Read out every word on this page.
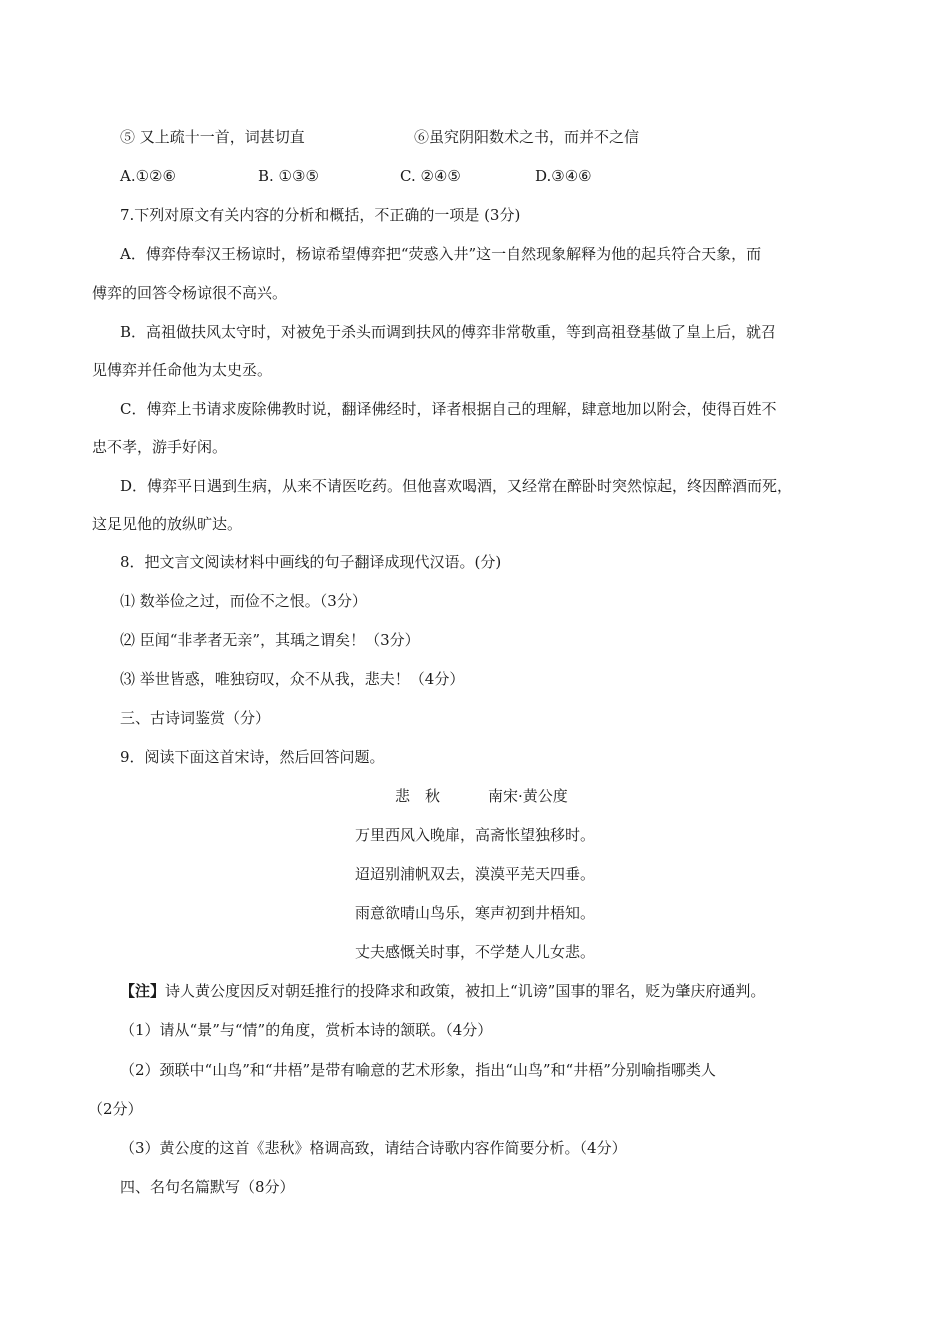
⑤ 又上疏十一首，词甚切直	⑥虽究阴阳数术之书，而并不之信
A.①②⑥	B. ①③⑤	C. ②④⑤	D.③④⑥
7.下列对原文有关内容的分析和概括，不正确的一项是 (3分)
A．傅弈侍奉汉王杨谅时，杨谅希望傅弈把“荧惑入井”这一自然现象解释为他的起兵符合天象，而
傅弈的回答令杨谅很不高兴。
B．高祖做扶风太守时，对被免于杀头而调到扶风的傅弈非常敬重，等到高祖登基做了皇上后，就召
见傅弈并任命他为太史丞。
C．傅弈上书请求废除佛教时说，翻译佛经时，译者根据自己的理解，肆意地加以附会，使得百姓不
忠不孝，游手好闲。
D．傅弈平日遇到生病，从来不请医吃药。但他喜欢喝酒，又经常在醉卧时突然惊起，终因醉酒而死，
这足见他的放纵旷达。
8．把文言文阅读材料中画线的句子翻译成现代汉语。(分)
⑴ 数举俭之过，而俭不之恨。（3分）
⑵ 臣闻“非孝者无亲”，其瑀之谓矣！（3分）
⑶ 举世皆惑，唯独窃叹，众不从我，悲夫！（4分）
三、古诗词鉴赏（分）
9．阅读下面这首宋诗，然后回答问题。
悲　秋	南宋·黄公度
万里西风入晚扉，高斋怅望独移时。
迢迢别浦帆双去，漠漠平芜天四垂。
雨意欲晴山鸟乐，寒声初到井梧知。
丈夫感慨关时事，不学楚人儿女悲。
【注】诗人黄公度因反对朝廷推行的投降求和政策，被扣上“讥谤”国事的罪名，贬为肇庆府通判。
（1）请从“景”与“情”的角度，赏析本诗的颔联。（4分）
（2）颈联中“山鸟”和“井梧”是带有喻意的艺术形象，指出“山鸟”和“井梧”分别喻指哪类人
（2分）
（3）黄公度的这首《悲秋》格调高致，请结合诗歌内容作简要分析。（4分）
四、名句名篇默写（8分）
